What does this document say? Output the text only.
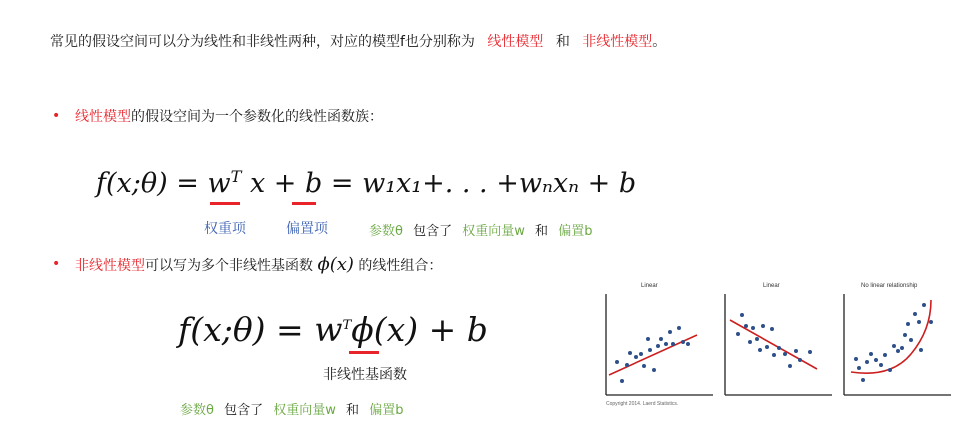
常见的假设空间可以分为线性和非线性两种，对应的模型f也分别称为 线性模型 和 非线性模型。
• 线性模型的假设空间为一个参数化的线性函数族：
f(x;θ) = $w^T$ x + b = w₁x₁+. . . +wₙxₙ + b
权重项	偏置项	参数θ 包含了 权重向量w 和 偏置b
• 非线性模型可以写为多个非线性基函数 ϕ(x) 的线性组合：
f(x;θ) = $w^T\phi(x) + b$
非线性基函数
参数θ 包含了 权重向量w 和 偏置b
Linear	Linear	No linear relationship
Copyright 2014. Laerd Statistics.
